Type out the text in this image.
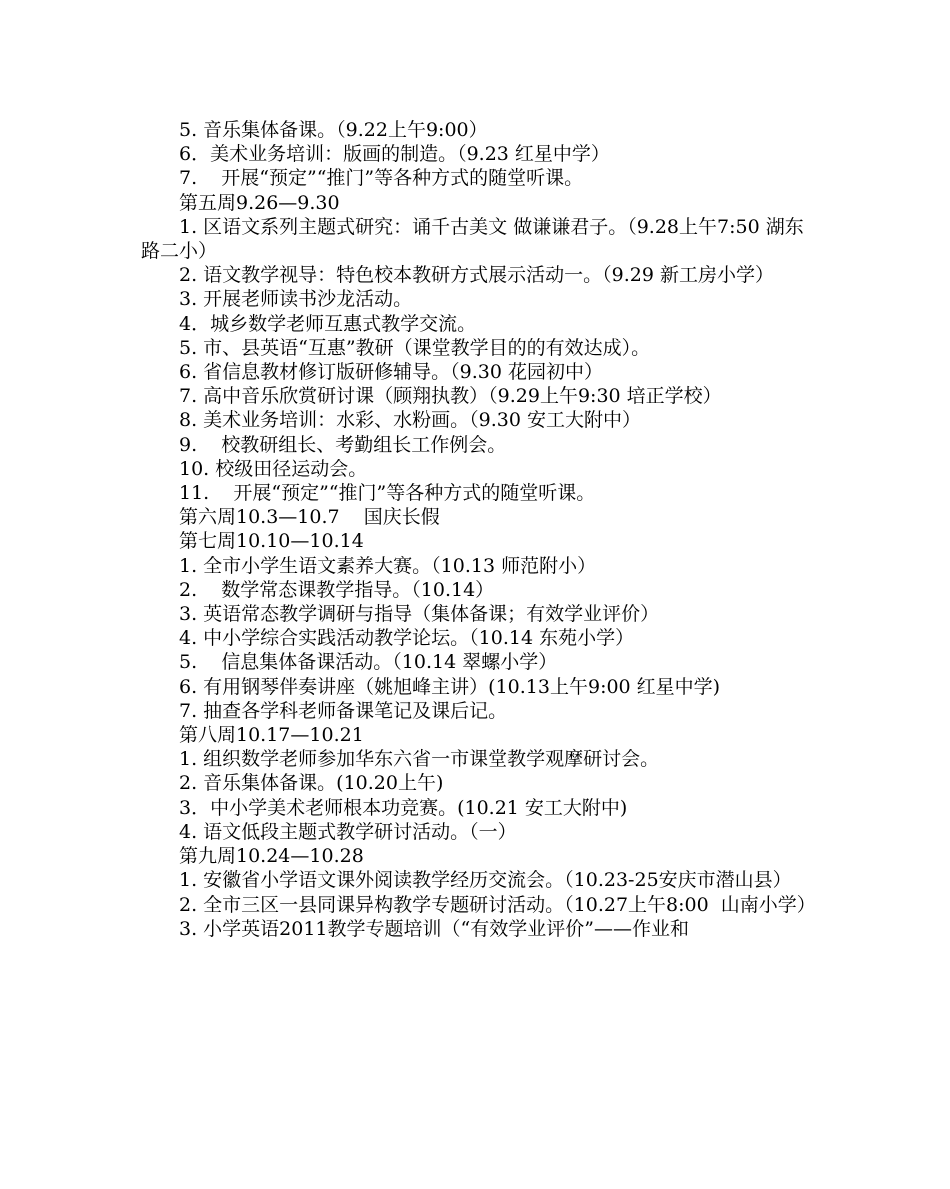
5. 音乐集体备课。（9.22上午9:00）

6．美术业务培训：版画的制造。（9.23 红星中学）

7.    开展“预定”“推门”等各种方式的随堂听课。

第五周9.26—9.30

1. 区语文系列主题式研究：诵千古美文 做谦谦君子。（9.28上午7:50 湖东路二小）

2. 语文教学视导：特色校本教研方式展示活动一。（9.29 新工房小学）

3. 开展老师读书沙龙活动。

4．城乡数学老师互惠式教学交流。

5. 市、县英语“互惠”教研（课堂教学目的的有效达成）。

6. 省信息教材修订版研修辅导。（9.30 花园初中）

7. 高中音乐欣赏研讨课（顾翔执教）（9.29上午9:30 培正学校）

8. 美术业务培训：水彩、水粉画。（9.30 安工大附中）

9.    校教研组长、考勤组长工作例会。

10. 校级田径运动会。

11.    开展“预定”“推门”等各种方式的随堂听课。

第六周10.3—10.7    国庆长假

第七周10.10—10.14

1. 全市小学生语文素养大赛。（10.13 师范附小）

2.    数学常态课教学指导。（10.14）

3. 英语常态教学调研与指导（集体备课；有效学业评价）

4. 中小学综合实践活动教学论坛。（10.14 东苑小学）

5.    信息集体备课活动。（10.14 翠螺小学）

6. 有用钢琴伴奏讲座（姚旭峰主讲）(10.13上午9:00 红星中学)

7. 抽查各学科老师备课笔记及课后记。

第八周10.17—10.21

1. 组织数学老师参加华东六省一市课堂教学观摩研讨会。

2. 音乐集体备课。(10.20上午)

3．中小学美术老师根本功竞赛。(10.21 安工大附中)

4. 语文低段主题式教学研讨活动。（一）

第九周10.24—10.28

1. 安徽省小学语文课外阅读教学经历交流会。（10.23-25安庆市潜山县）

2. 全市三区一县同课异构教学专题研讨活动。（10.27上午8:00  山南小学）

3. 小学英语2011教学专题培训（“有效学业评价”——作业和
